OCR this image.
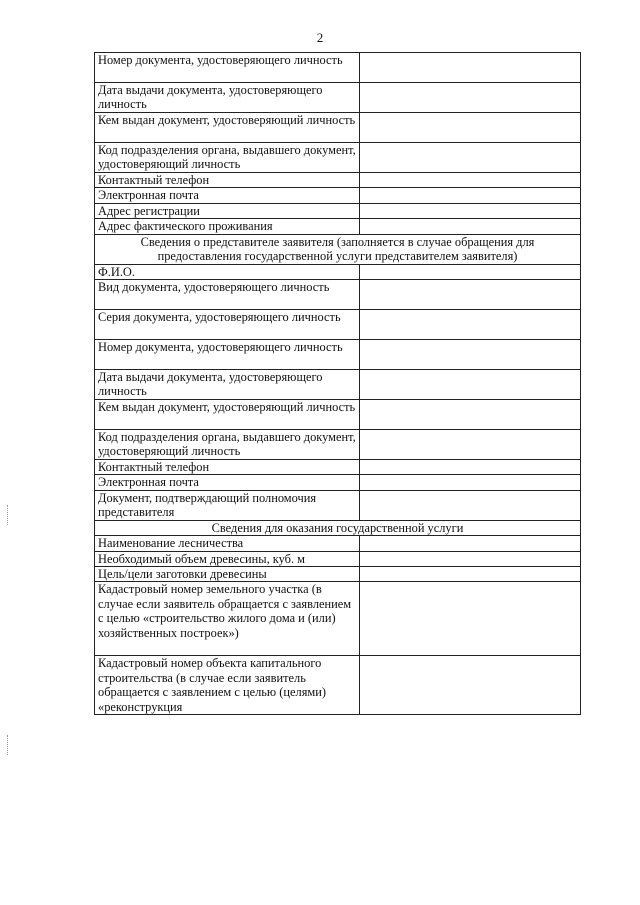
2
Номер документа, удостоверяющего личность	
Дата выдачи документа, удостоверяющего личность	
Кем выдан документ, удостоверяющий личность	
Код подразделения органа, выдавшего документ, удостоверяющий личность	
Контактный телефон	
Электронная почта	
Адрес регистрации	
Адрес фактического проживания	
Сведения о представителе заявителя (заполняется в случае обращения для предоставления государственной услуги представителем заявителя)	
Ф.И.О.	
Вид документа, удостоверяющего личность	
Серия документа, удостоверяющего личность	
Номер документа, удостоверяющего личность	
Дата выдачи документа, удостоверяющего личность	
Кем выдан документ, удостоверяющий личность	
Код подразделения органа, выдавшего документ, удостоверяющий личность	
Контактный телефон	
Электронная почта	
Документ, подтверждающий полномочия представителя	
Сведения для оказания государственной услуги	
Наименование лесничества	
Необходимый объем древесины, куб. м	
Цель/цели заготовки древесины	
Кадастровый номер земельного участка (в случае если заявитель обращается с заявлением с целью «строительство жилого дома и (или) хозяйственных построек»)	
Кадастровый номер объекта капитального строительства (в случае если заявитель обращается с заявлением с целью (целями) «реконструкция	
